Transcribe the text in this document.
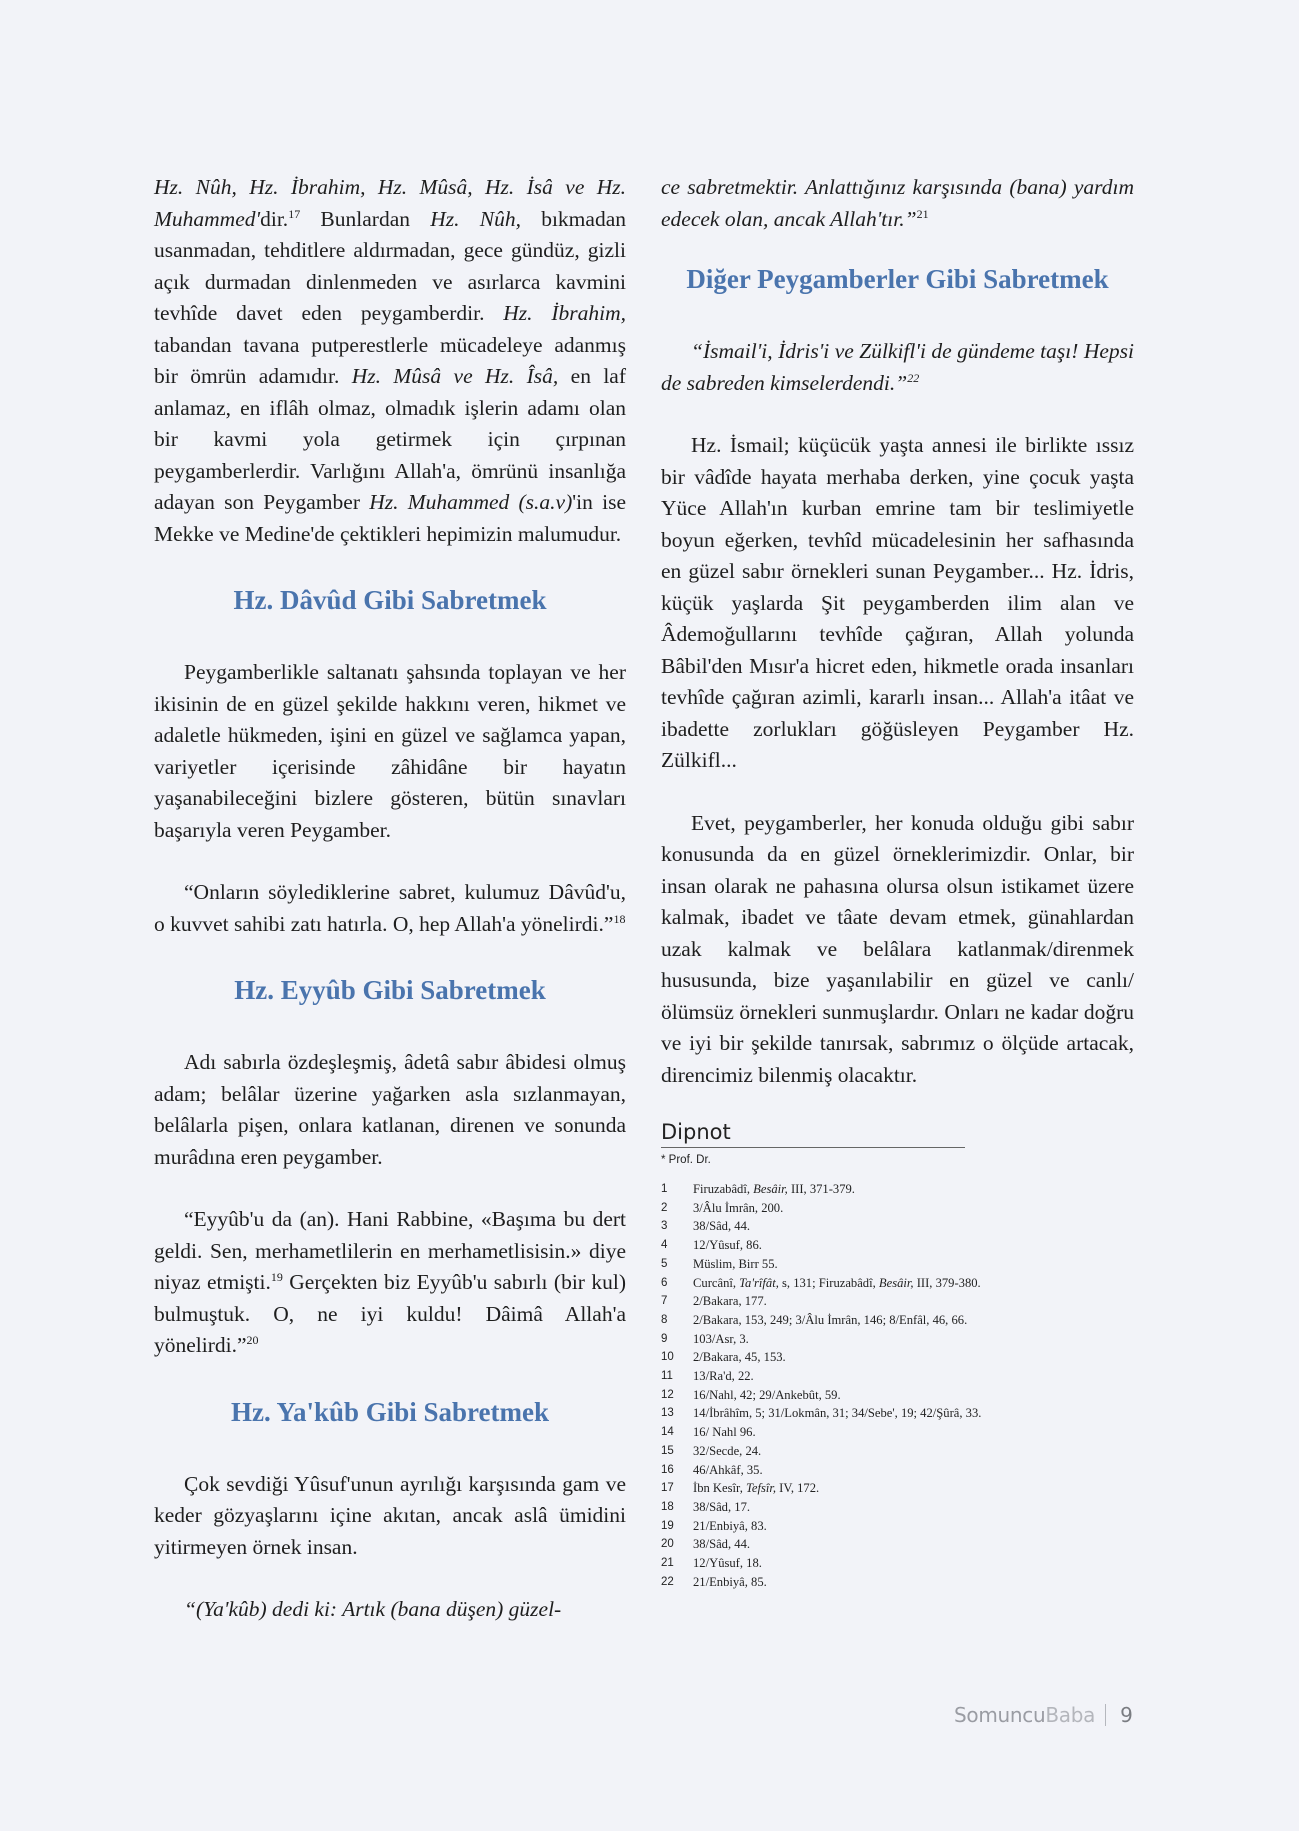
Hz. Nûh, Hz. İbrahim, Hz. Mûsâ, Hz. İsâ ve Hz. Muhammed'dir.$^{17}$ Bunlardan Hz. Nûh, bıkmadan usanmadan, tehditlere aldırmadan, gece gündüz, gizli açık durmadan dinlenmeden ve asırlarca kavmini tevhîde davet eden peygamberdir. Hz. İbrahim, tabandan tavana putperestlerle mücadeleye adanmış bir ömrün adamıdır. Hz. Mûsâ ve Hz. Îsâ, en laf anlamaz, en iflâh olmaz, olmadık işlerin adamı olan bir kavmi yola getirmek için çırpınan peygamberlerdir. Varlığını Allah'a, ömrünü insanlığa adayan son Peygamber Hz. Muhammed (s.a.v)'in ise Mekke ve Medine'de çektikleri hepimizin malumudur.

Hz. Dâvûd Gibi Sabretmek

Peygamberlikle saltanatı şahsında toplayan ve her ikisinin de en güzel şekilde hakkını veren, hikmet ve adaletle hükmeden, işini en güzel ve sağlamca yapan, variyetler içerisinde zâhidâne bir hayatın yaşanabileceğini bizlere gösteren, bütün sınavları başarıyla veren Peygamber.

“Onların söylediklerine sabret, kulumuz Dâvûd'u, o kuvvet sahibi zatı hatırla. O, hep Allah'a yönelirdi.”$^{18}$

Hz. Eyyûb Gibi Sabretmek

Adı sabırla özdeşleşmiş, âdetâ sabır âbidesi olmuş adam; belâlar üzerine yağarken asla sızlanmayan, belâlarla pişen, onlara katlanan, direnen ve sonunda murâdına eren peygamber.

“Eyyûb'u da (an). Hani Rabbine, «Başıma bu dert geldi. Sen, merhametlilerin en merhametlisisin.» diye niyaz etmişti.$^{19}$ Gerçekten biz Eyyûb'u sabırlı (bir kul) bulmuştuk. O, ne iyi kuldu! Dâimâ Allah'a yönelirdi.”$^{20}$

Hz. Ya'kûb Gibi Sabretmek

Çok sevdiği Yûsuf'unun ayrılığı karşısında gam ve keder gözyaşlarını içine akıtan, ancak aslâ ümidini yitirmeyen örnek insan.

“(Ya'kûb) dedi ki: Artık (bana düşen) güzel-

ce sabretmektir. Anlattığınız karşısında (bana) yardım edecek olan, ancak Allah'tır.”$^{21}$

Diğer Peygamberler Gibi Sabretmek

“İsmail'i, İdris'i ve Zülkifl'i de gündeme taşı! Hepsi de sabreden kimselerdendi.”$^{22}$

Hz. İsmail; küçücük yaşta annesi ile birlikte ıssız bir vâdîde hayata merhaba derken, yine çocuk yaşta Yüce Allah'ın kurban emrine tam bir teslimiyetle boyun eğerken, tevhîd mücadelesinin her safhasında en güzel sabır örnekleri sunan Peygamber... Hz. İdris, küçük yaşlarda Şit peygamberden ilim alan ve Âdemoğullarını tevhîde çağıran, Allah yolunda Bâbil'den Mısır'a hicret eden, hikmetle orada insanları tevhîde çağıran azimli, kararlı insan... Allah'a itâat ve ibadette zorlukları göğüsleyen Peygamber Hz. Zülkifl...

Evet, peygamberler, her konuda olduğu gibi sabır konusunda da en güzel örneklerimizdir. Onlar, bir insan olarak ne pahasına olursa olsun istikamet üzere kalmak, ibadet ve tâate devam etmek, günahlardan uzak kalmak ve belâlara katlanmak/direnmek hususunda, bize yaşanılabilir en güzel ve canlı/ölümsüz örnekleri sunmuşlardır. Onları ne kadar doğru ve iyi bir şekilde tanırsak, sabrımız o ölçüde artacak, direncimiz bilenmiş olacaktır.

Dipnot
* Prof. Dr.
1	Firuzabâdî, Besâir, III, 371-379.
2	3/Âlu İmrân, 200.
3	38/Sâd, 44.
4	12/Yûsuf, 86.
5	Müslim, Birr 55.
6	Curcânî, Ta'rîfât, s, 131; Firuzabâdî, Besâir, III, 379-380.
7	2/Bakara, 177.
8	2/Bakara, 153, 249; 3/Âlu İmrân, 146; 8/Enfâl, 46, 66.
9	103/Asr, 3.
10	2/Bakara, 45, 153.
11	13/Ra'd, 22.
12	16/Nahl, 42; 29/Ankebût, 59.
13	14/İbrâhîm, 5; 31/Lokmân, 31; 34/Sebe', 19; 42/Şûrâ, 33.
14	16/ Nahl 96.
15	32/Secde, 24.
16	46/Ahkâf, 35.
17	İbn Kesîr, Tefsîr, IV, 172.
18	38/Sâd, 17.
19	21/Enbiyâ, 83.
20	38/Sâd, 44.
21	12/Yûsuf, 18.
22	21/Enbiyâ, 85.
SomuncuBaba 9
